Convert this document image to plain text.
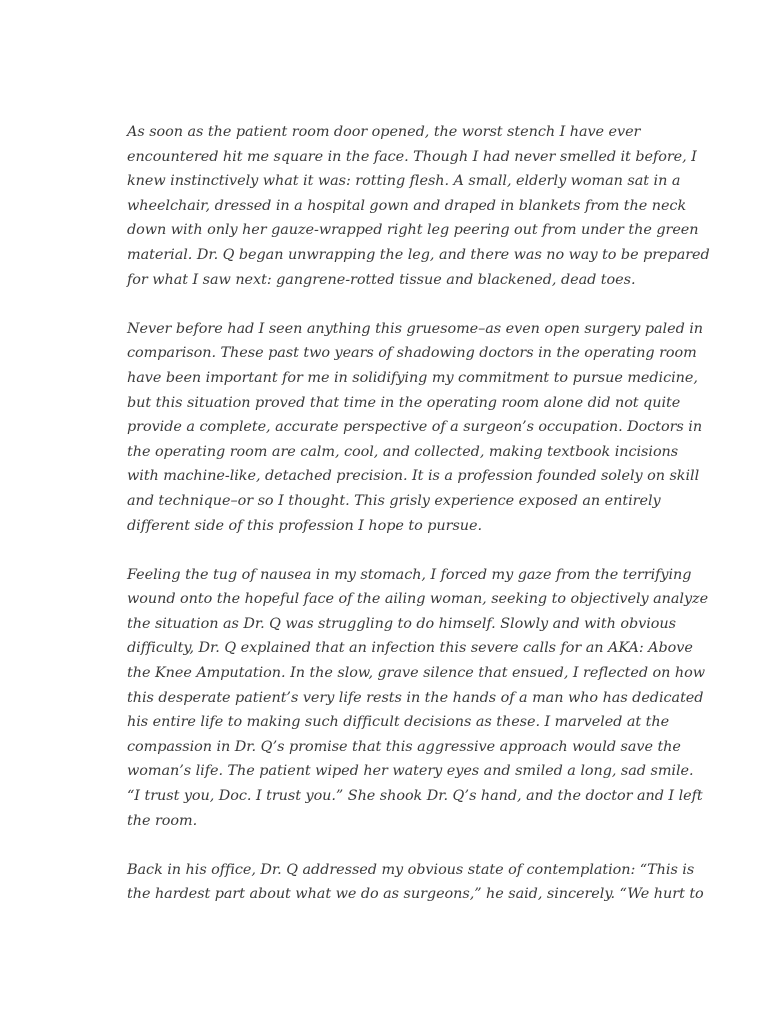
As soon as the patient room door opened, the worst stench I have ever
encountered hit me square in the face. Though I had never smelled it before, I
knew instinctively what it was: rotting flesh. A small, elderly woman sat in a
wheelchair, dressed in a hospital gown and draped in blankets from the neck
down with only her gauze-wrapped right leg peering out from under the green
material. Dr. Q began unwrapping the leg, and there was no way to be prepared
for what I saw next: gangrene-rotted tissue and blackened, dead toes.

Never before had I seen anything this gruesome–as even open surgery paled in
comparison. These past two years of shadowing doctors in the operating room
have been important for me in solidifying my commitment to pursue medicine,
but this situation proved that time in the operating room alone did not quite
provide a complete, accurate perspective of a surgeon’s occupation. Doctors in
the operating room are calm, cool, and collected, making textbook incisions
with machine-like, detached precision. It is a profession founded solely on skill
and technique–or so I thought. This grisly experience exposed an entirely
different side of this profession I hope to pursue.

Feeling the tug of nausea in my stomach, I forced my gaze from the terrifying
wound onto the hopeful face of the ailing woman, seeking to objectively analyze
the situation as Dr. Q was struggling to do himself. Slowly and with obvious
difficulty, Dr. Q explained that an infection this severe calls for an AKA: Above
the Knee Amputation. In the slow, grave silence that ensued, I reflected on how
this desperate patient’s very life rests in the hands of a man who has dedicated
his entire life to making such difficult decisions as these. I marveled at the
compassion in Dr. Q’s promise that this aggressive approach would save the
woman’s life. The patient wiped her watery eyes and smiled a long, sad smile.
“I trust you, Doc. I trust you.” She shook Dr. Q’s hand, and the doctor and I left
the room.

Back in his office, Dr. Q addressed my obvious state of contemplation: “This is
the hardest part about what we do as surgeons,” he said, sincerely. “We hurt to
